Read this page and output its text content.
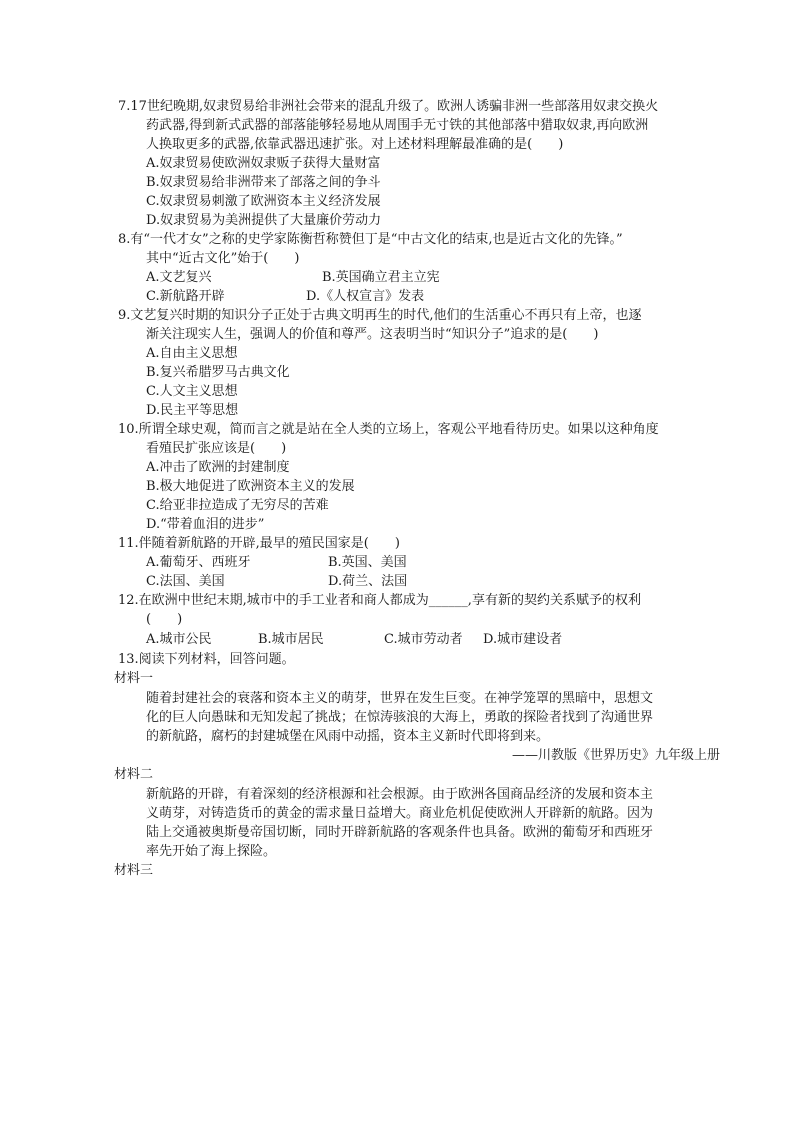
7.17世纪晚期,奴隶贸易给非洲社会带来的混乱升级了。欧洲人诱骗非洲一些部落用奴隶交换火
药武器,得到新式武器的部落能够轻易地从周围手无寸铁的其他部落中猎取奴隶,再向欧洲
人换取更多的武器,依靠武器迅速扩张。对上述材料理解最准确的是(　　)
A.奴隶贸易使欧洲奴隶贩子获得大量财富
B.奴隶贸易给非洲带来了部落之间的争斗
C.奴隶贸易刺激了欧洲资本主义经济发展
D.奴隶贸易为美洲提供了大量廉价劳动力
8.有“一代才女”之称的史学家陈衡哲称赞但丁是“中古文化的结束,也是近古文化的先锋。”
其中“近古文化”始于(　　)
A.文艺复兴	B.英国确立君主立宪
C.新航路开辟	D.《人权宣言》发表
9.文艺复兴时期的知识分子正处于古典文明再生的时代,他们的生活重心不再只有上帝，也逐
渐关注现实人生，强调人的价值和尊严。这表明当时“知识分子”追求的是(　　)
A.自由主义思想
B.复兴希腊罗马古典文化
C.人文主义思想
D.民主平等思想
10.所谓全球史观，简而言之就是站在全人类的立场上，客观公平地看待历史。如果以这种角度
看殖民扩张应该是(　　)
A.冲击了欧洲的封建制度
B.极大地促进了欧洲资本主义的发展
C.给亚非拉造成了无穷尽的苦难
D.“带着血泪的进步”
11.伴随着新航路的开辟,最早的殖民国家是(　　)
A.葡萄牙、西班牙	B.英国、美国
C.法国、美国	D.荷兰、法国
12.在欧洲中世纪末期,城市中的手工业者和商人都成为______,享有新的契约关系赋予的权利
(　　)
A.城市公民	B.城市居民	C.城市劳动者 D.城市建设者
13.阅读下列材料，回答问题。
材料一
随着封建社会的衰落和资本主义的萌芽，世界在发生巨变。在神学笼罩的黑暗中，思想文
化的巨人向愚昧和无知发起了挑战；在惊涛骇浪的大海上，勇敢的探险者找到了沟通世界
的新航路，腐朽的封建城堡在风雨中动摇，资本主义新时代即将到来。
——川教版《世界历史》九年级上册
材料二
新航路的开辟，有着深刻的经济根源和社会根源。由于欧洲各国商品经济的发展和资本主
义萌芽，对铸造货币的黄金的需求量日益增大。商业危机促使欧洲人开辟新的航路。因为
陆上交通被奥斯曼帝国切断，同时开辟新航路的客观条件也具备。欧洲的葡萄牙和西班牙
率先开始了海上探险。
材料三
